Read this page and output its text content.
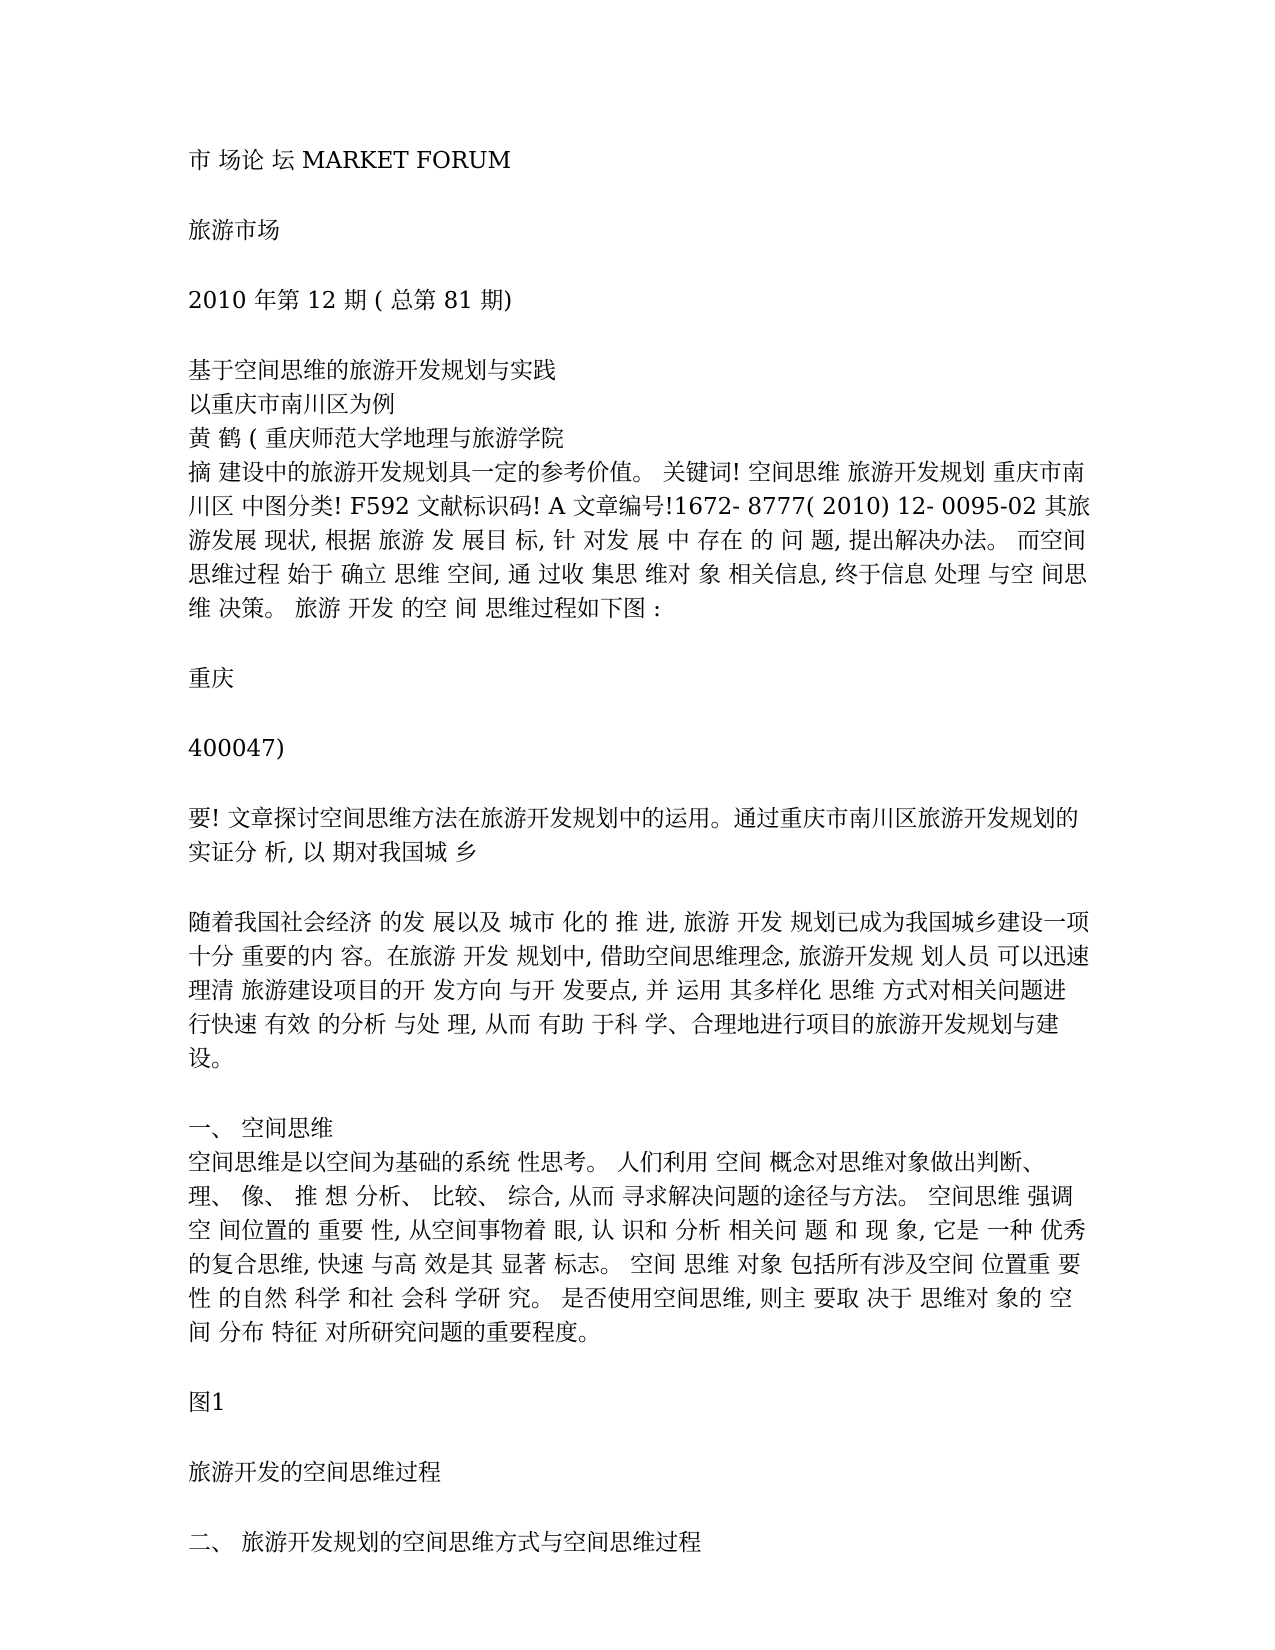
市 场论 坛 MARKET FORUM

旅游市场

2010 年第 12 期 ( 总第 81 期)

基于空间思维的旅游开发规划与实践

以重庆市南川区为例

黄 鹤 ( 重庆师范大学地理与旅游学院

摘 建设中的旅游开发规划具一定的参考价值。 关键词! 空间思维 旅游开发规划 重庆市南川区 中图分类! F592 文献标识码! A 文章编号!1672- 8777( 2010) 12- 0095-02 其旅游发展 现状, 根据 旅游 发 展目 标, 针 对发 展 中 存在 的 问 题, 提出解决办法。 而空间思维过程 始于 确立 思维 空间, 通 过收 集思 维对 象 相关信息, 终于信息 处理 与空 间思维 决策。 旅游 开发 的空 间 思维过程如下图 :

重庆

400047)

要! 文章探讨空间思维方法在旅游开发规划中的运用。通过重庆市南川区旅游开发规划的实证分 析, 以 期对我国城 乡

随着我国社会经济 的发 展以及 城市 化的 推 进, 旅游 开发 规划已成为我国城乡建设一项十分 重要的内 容。在旅游 开发 规划中, 借助空间思维理念, 旅游开发规 划人员 可以迅速 理清 旅游建设项目的开 发方向 与开 发要点, 并 运用 其多样化 思维 方式对相关问题进 行快速 有效 的分析 与处 理, 从而 有助 于科 学、合理地进行项目的旅游开发规划与建设。

一、 空间思维

空间思维是以空间为基础的系统 性思考。 人们利用 空间 概念对思维对象做出判断、 理、 像、 推 想 分析、 比较、 综合, 从而 寻求解决问题的途径与方法。 空间思维 强调空 间位置的 重要 性, 从空间事物着 眼, 认 识和 分析 相关问 题 和 现 象, 它是 一种 优秀的复合思维, 快速 与高 效是其 显著 标志。 空间 思维 对象 包括所有涉及空间 位置重 要性 的自然 科学 和社 会科 学研 究。 是否使用空间思维, 则主 要取 决于 思维对 象的 空间 分布 特征 对所研究问题的重要程度。

图1

旅游开发的空间思维过程

二、 旅游开发规划的空间思维方式与空间思维过程
